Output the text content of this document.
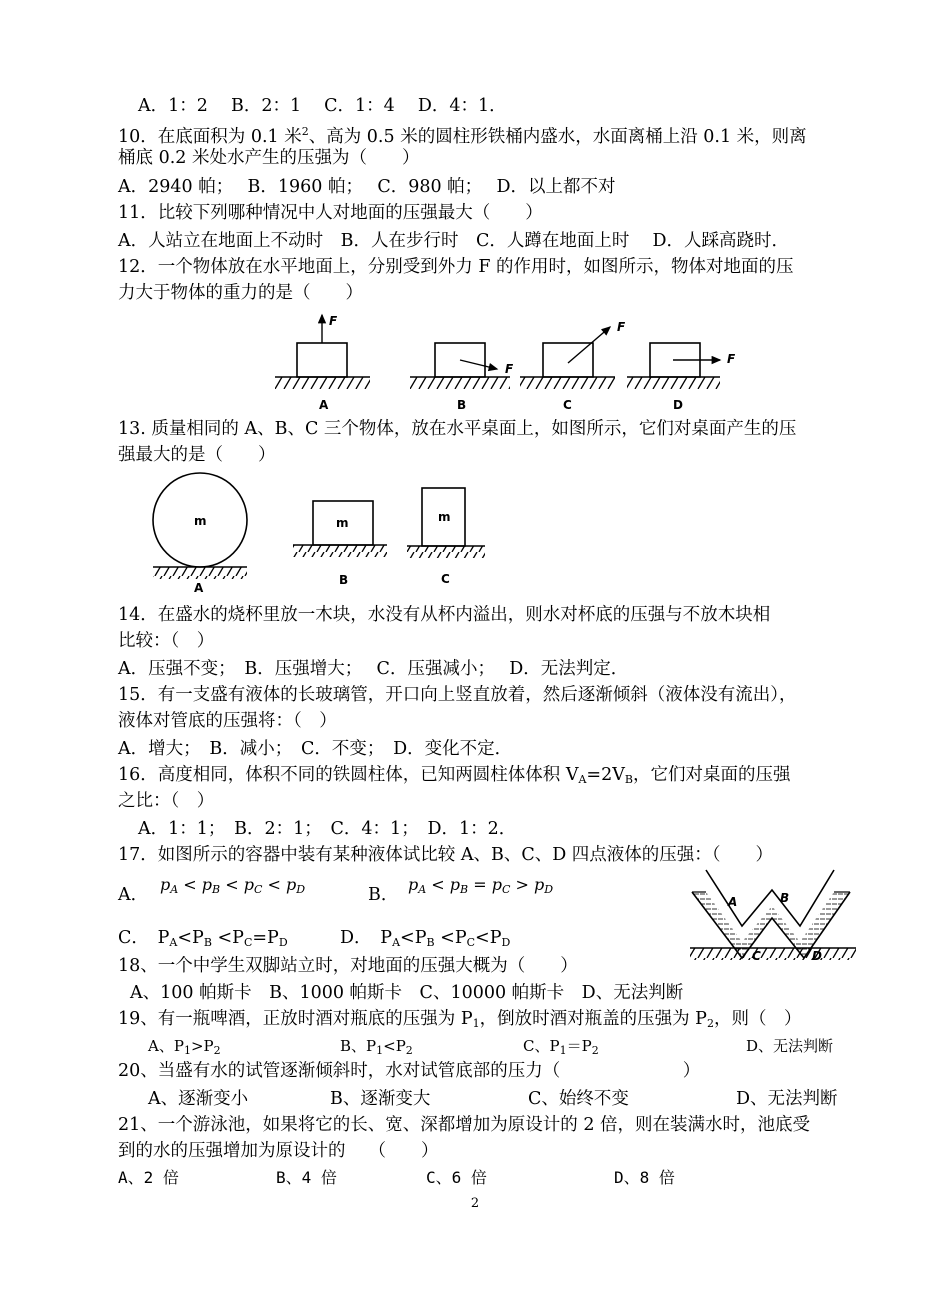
A．1：2　 B．2：1　 C．1：4　 D．4：1．
10．在底面积为 0.1 米$^2$、高为 0.5 米的圆柱形铁桶内盛水，水面离桶上沿 0.1 米，则离
桶底 0.2 米处水产生的压强为（　　）
A．2940 帕；　 B．1960 帕；　 C．980 帕；　 D．以上都不对
11．比较下列哪种情况中人对地面的压强最大（　　）
A．人站立在地面上不动时　B．人在步行时　C．人蹲在地面上时　 D．人踩高跷时．
12．一个物体放在水平地面上，分别受到外力 F 的作用时，如图所示，物体对地面的压
力大于物体的重力的是（　　）
F
A
F
B
F
C
F
D
13. 质量相同的 A、B、C 三个物体，放在水平桌面上，如图所示，它们对桌面产生的压
强最大的是（　　）
m
A
m
B
m
C
14．在盛水的烧杯里放一木块，水没有从杯内溢出，则水对杯底的压强与不放木块相
比较：（　）
A．压强不变；　B．压强增大；　 C．压强减小；　 D．无法判定．
15．有一支盛有液体的长玻璃管，开口向上竖直放着，然后逐渐倾斜（液体没有流出），
液体对管底的压强将：（　）
A．增大；　B．减小；　C．不变；　D．变化不定．
16．高度相同，体积不同的铁圆柱体，已知两圆柱体体积 $V_A=2V_B$，它们对桌面的压强
之比：（　）
A．1：1；　B．2：1；　C．4：1；　D．1：2．
17．如图所示的容器中装有某种液体试比较 A、B、C、D 四点液体的压强：（　　）
A．
$p_A < p_B < p_C < p_D$	B．
$p_A < p_B = p_C > p_D$
C．　 $P_A<P_B <P_C=P_D$	D．　 $P_A<P_B <P_C<P_D$
A	B
C	D
18、一个中学生双脚站立时，对地面的压强大概为（　　）
A、100 帕斯卡　B、1000 帕斯卡　C、10000 帕斯卡　D、无法判断
19、有一瓶啤酒，正放时酒对瓶底的压强为 $P_1$，倒放时酒对瓶盖的压强为 $P_2$，则（　）
A、$P_1>P_2$	B、$P_1<P_2$	C、$P_1=P_2$	D、无法判断
20、当盛有水的试管逐渐倾斜时，水对试管底部的压力（　　　　　　　）
A、逐渐变小	B、逐渐变大	C、始终不变	D、无法判断
21、一个游泳池，如果将它的长、宽、深都增加为原设计的 2 倍，则在装满水时，池底受
到的水的压强增加为原设计的　 （　　）
A、2 倍	B、4 倍	C、6 倍	D、8 倍
2
